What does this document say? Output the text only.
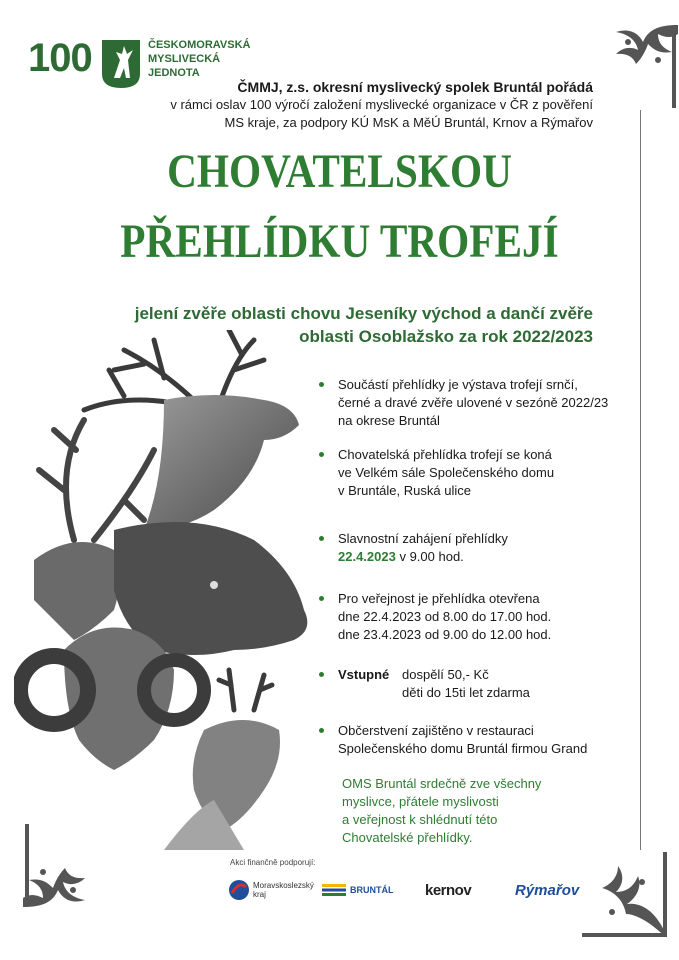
100	ČESKOMORAVSKÁ
MYSLIVECKÁ
JEDNOTA
ČMMJ, z.s. okresní myslivecký spolek Bruntál pořádá
v rámci oslav 100 výročí založení myslivecké organizace v ČR z pověření
MS kraje, za podpory KÚ MsK a MěÚ Bruntál, Krnov a Rýmařov
CHOVATELSKOU
PŘEHLÍDKU TROFEJÍ
jelení zvěře oblasti chovu Jeseníky východ a dančí zvěře
oblasti Osoblažsko za rok 2022/2023
Součástí přehlídky je výstava trofejí srnčí,
černé a dravé zvěře ulovené v sezóně 2022/23
na okrese Bruntál
Chovatelská přehlídka trofejí se koná
ve Velkém sále Společenského domu
v Bruntále, Ruská ulice
Slavnostní zahájení přehlídky
22.4.2023 v 9.00 hod.
Pro veřejnost je přehlídka otevřena
dne 22.4.2023 od 8.00 do 17.00 hod.
dne 23.4.2023 od 9.00 do 12.00 hod.
Vstupné dospělí 50,- Kč
děti do 15ti let zdarma
Občerstvení zajištěno v restauraci
Společenského domu Bruntál firmou Grand
OMS Bruntál srdečně zve všechny
myslivce, přátele myslivosti
a veřejnost k shlédnutí této
Chovatelské přehlídky.
Akci finančně podporují:
Moravskoslezský
kraj	BRUNTÁL kernov	Rýmařov
